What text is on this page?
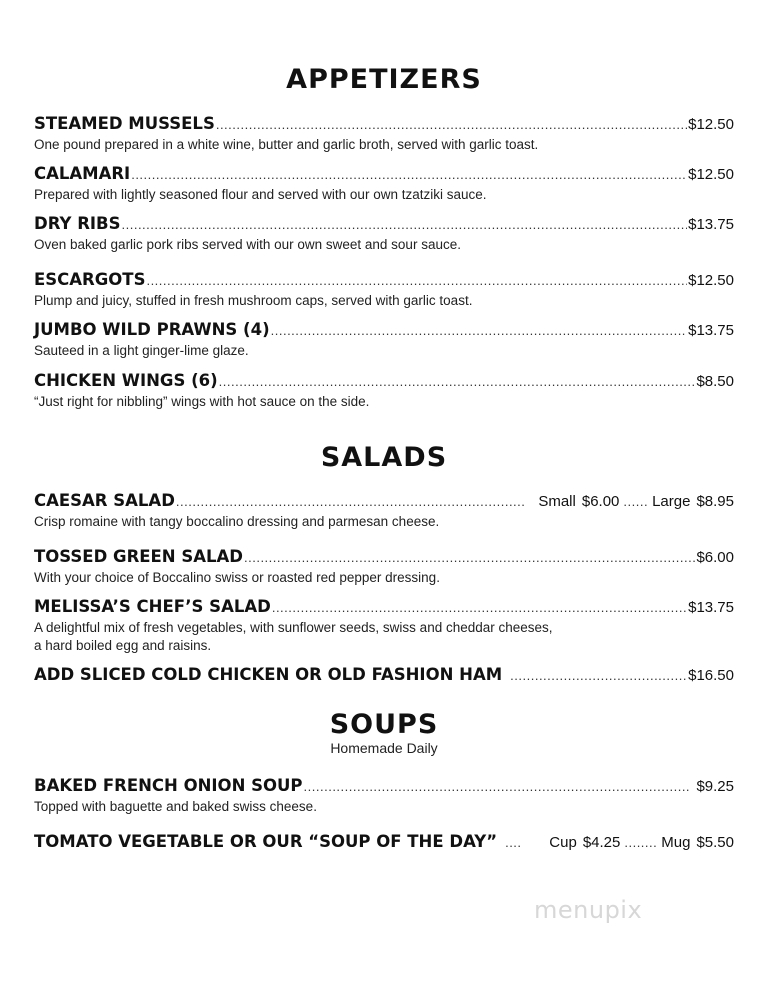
APPETIZERS
STEAMED MUSSELS .....	$12.50
One pound prepared in a white wine, butter and garlic broth, served with garlic toast.
CALAMARI .....	$12.50
Prepared with lightly seasoned flour and served with our own tzatziki sauce.
DRY RIBS .....	$13.75
Oven baked garlic pork ribs served with our own sweet and sour sauce.
ESCARGOTS .....	$12.50
Plump and juicy, stuffed in fresh mushroom caps, served with garlic toast.
JUMBO WILD PRAWNS (4) .....	$13.75
Sauteed in a light ginger-lime glaze.
CHICKEN WINGS (6) .....	$8.50
“Just right for nibbling” wings with hot sauce on the side.
SALADS
CAESAR SALAD .....	Small $6.00 ...... Large $8.95
Crisp romaine with tangy boccalino dressing and parmesan cheese.
TOSSED GREEN SALAD .....	$6.00
With your choice of Boccalino swiss or roasted red pepper dressing.
MELISSA’S CHEF’S SALAD .....	$13.75
A delightful mix of fresh vegetables, with sunflower seeds, swiss and cheddar cheeses,
a hard boiled egg and raisins.
ADD SLICED COLD CHICKEN OR OLD FASHION HAM .....	$16.50
SOUPS
Homemade Daily
BAKED FRENCH ONION SOUP .....	$9.25
Topped with baguette and baked swiss cheese.
TOMATO VEGETABLE OR OUR “SOUP OF THE DAY” .... Cup $4.25 ........ Mug $5.50
menupix
